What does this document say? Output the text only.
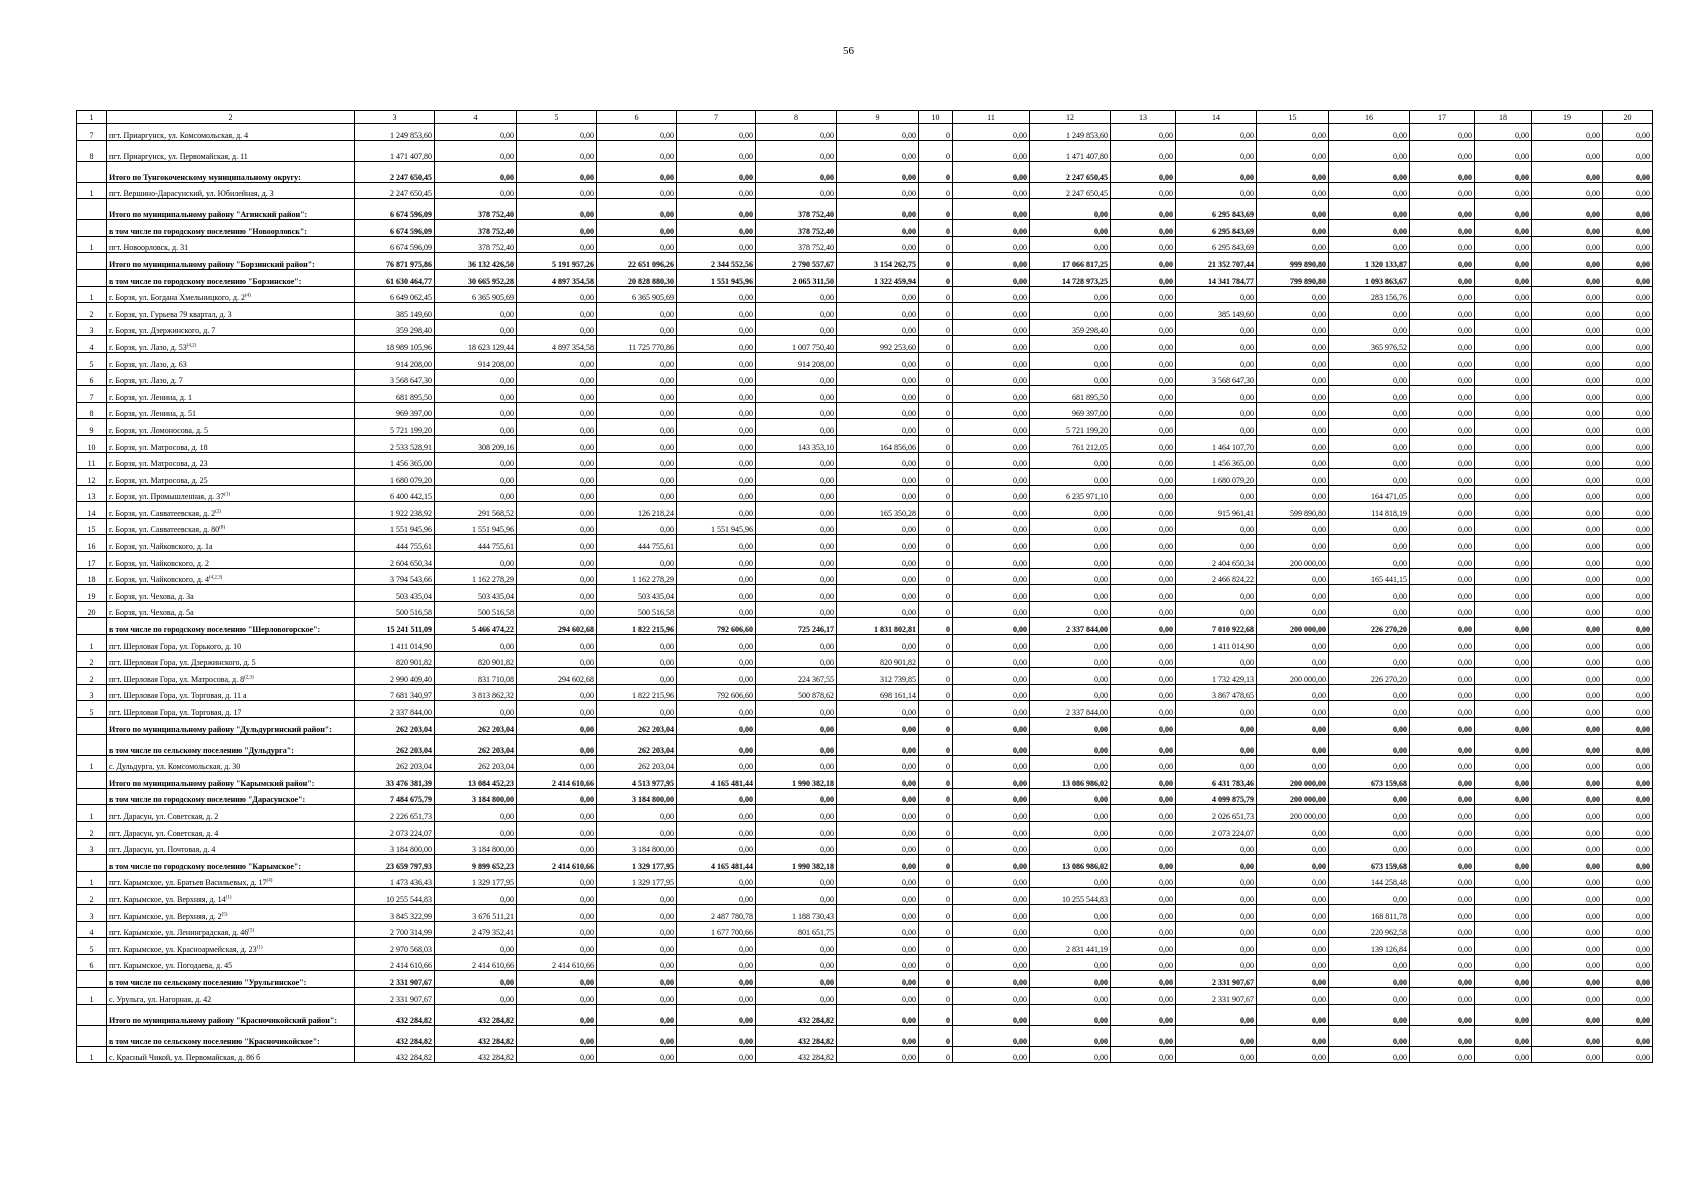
56
1	2	3	4	5	6	7	8	9	10	11	12	13	14	15	16	17	18	19	20
7	пгт. Приаргунск, ул. Комсомольская, д. 4	1 249 853,60	0,00	0,00	0,00	0,00	0,00	0,00	0	0,00	1 249 853,60	0,00	0,00	0,00	0,00	0,00	0,00	0,00	0,00
8	пгт. Приаргунск, ул. Первомайская, д. 11	1 471 407,80	0,00	0,00	0,00	0,00	0,00	0,00	0	0,00	1 471 407,80	0,00	0,00	0,00	0,00	0,00	0,00	0,00	0,00
	Итого по Тунгокоченскому муниципальному округу:	2 247 650,45	0,00	0,00	0,00	0,00	0,00	0,00	0	0,00	2 247 650,45	0,00	0,00	0,00	0,00	0,00	0,00	0,00	0,00
1	пгт. Вершино-Дарасунский, ул. Юбилейная, д. 3	2 247 650,45	0,00	0,00	0,00	0,00	0,00	0,00	0	0,00	2 247 650,45	0,00	0,00	0,00	0,00	0,00	0,00	0,00	0,00
	Итого по муниципальному району "Агинский район":	6 674 596,09	378 752,40	0,00	0,00	0,00	378 752,40	0,00	0	0,00	0,00	0,00	6 295 843,69	0,00	0,00	0,00	0,00	0,00	0,00
	в том числе по городскому поселению "Новоорловск":	6 674 596,09	378 752,40	0,00	0,00	0,00	378 752,40	0,00	0	0,00	0,00	0,00	6 295 843,69	0,00	0,00	0,00	0,00	0,00	0,00
1	пгт. Новоорловск, д. 31	6 674 596,09	378 752,40	0,00	0,00	0,00	378 752,40	0,00	0	0,00	0,00	0,00	6 295 843,69	0,00	0,00	0,00	0,00	0,00	0,00
	Итого по муниципальному району "Борзинский район":	76 871 975,86	36 132 426,50	5 191 957,26	22 651 096,26	2 344 552,56	2 790 557,67	3 154 262,75	0	0,00	17 066 817,25	0,00	21 352 707,44	999 890,80	1 320 133,87	0,00	0,00	0,00	0,00
	в том числе по городскому поселению "Борзинское":	61 630 464,77	30 665 952,28	4 897 354,58	20 828 880,30	1 551 945,96	2 065 311,50	1 322 459,94	0	0,00	14 728 973,25	0,00	14 341 784,77	799 890,80	1 093 863,67	0,00	0,00	0,00	0,00
1	г. Борзя, ул. Богдана Хмельницкого, д. 2$^{(4)}$	6 649 062,45	6 365 905,69	0,00	6 365 905,69	0,00	0,00	0,00	0	0,00	0,00	0,00	0,00	0,00	283 156,76	0,00	0,00	0,00	0,00
2	г. Борзя, ул. Гурьева 79 квартал, д. 3	385 149,60	0,00	0,00	0,00	0,00	0,00	0,00	0	0,00	0,00	0,00	385 149,60	0,00	0,00	0,00	0,00	0,00	0,00
3	г. Борзя, ул. Дзержинского, д. 7	359 298,40	0,00	0,00	0,00	0,00	0,00	0,00	0	0,00	359 298,40	0,00	0,00	0,00	0,00	0,00	0,00	0,00	0,00
4	г. Борзя, ул. Лазо, д. 53$^{(4,2)}$	18 989 105,96	18 623 129,44	4 897 354,58	11 725 770,86	0,00	1 007 750,40	992 253,60	0	0,00	0,00	0,00	0,00	0,00	365 976,52	0,00	0,00	0,00	0,00
5	г. Борзя, ул. Лазо, д. 63	914 208,00	914 208,00	0,00	0,00	0,00	914 208,00	0,00	0	0,00	0,00	0,00	0,00	0,00	0,00	0,00	0,00	0,00	0,00
6	г. Борзя, ул. Лазо, д. 7	3 568 647,30	0,00	0,00	0,00	0,00	0,00	0,00	0	0,00	0,00	0,00	3 568 647,30	0,00	0,00	0,00	0,00	0,00	0,00
7	г. Борзя, ул. Ленина, д. 1	681 895,50	0,00	0,00	0,00	0,00	0,00	0,00	0	0,00	681 895,50	0,00	0,00	0,00	0,00	0,00	0,00	0,00	0,00
8	г. Борзя, ул. Ленина, д. 51	969 397,00	0,00	0,00	0,00	0,00	0,00	0,00	0	0,00	969 397,00	0,00	0,00	0,00	0,00	0,00	0,00	0,00	0,00
9	г. Борзя, ул. Ломоносова, д. 5	5 721 199,20	0,00	0,00	0,00	0,00	0,00	0,00	0	0,00	5 721 199,20	0,00	0,00	0,00	0,00	0,00	0,00	0,00	0,00
10	г. Борзя, ул. Матросова, д. 18	2 533 528,91	308 209,16	0,00	0,00	0,00	143 353,10	164 856,06	0	0,00	761 212,05	0,00	1 464 107,70	0,00	0,00	0,00	0,00	0,00	0,00
11	г. Борзя, ул. Матросова, д. 23	1 456 365,00	0,00	0,00	0,00	0,00	0,00	0,00	0	0,00	0,00	0,00	1 456 365,00	0,00	0,00	0,00	0,00	0,00	0,00
12	г. Борзя, ул. Матросова, д. 25	1 680 079,20	0,00	0,00	0,00	0,00	0,00	0,00	0	0,00	0,00	0,00	1 680 079,20	0,00	0,00	0,00	0,00	0,00	0,00
13	г. Борзя, ул. Промышленная, д. 37$^{(1)}$	6 400 442,15	0,00	0,00	0,00	0,00	0,00	0,00	0	0,00	6 235 971,10	0,00	0,00	0,00	164 471,05	0,00	0,00	0,00	0,00
14	г. Борзя, ул. Савватеевская, д. 2$^{(2)}$	1 922 238,92	291 568,52	0,00	126 218,24	0,00	0,00	165 350,28	0	0,00	0,00	0,00	915 961,41	599 890,80	114 818,19	0,00	0,00	0,00	0,00
15	г. Борзя, ул. Савватеевская, д. 80$^{(8)}$	1 551 945,96	1 551 945,96	0,00	0,00	1 551 945,96	0,00	0,00	0	0,00	0,00	0,00	0,00	0,00	0,00	0,00	0,00	0,00	0,00
16	г. Борзя, ул. Чайковского, д. 1а	444 755,61	444 755,61	0,00	444 755,61	0,00	0,00	0,00	0	0,00	0,00	0,00	0,00	0,00	0,00	0,00	0,00	0,00	0,00
17	г. Борзя, ул. Чайковского, д. 2	2 604 650,34	0,00	0,00	0,00	0,00	0,00	0,00	0	0,00	0,00	0,00	2 404 650,34	200 000,00	0,00	0,00	0,00	0,00	0,00
18	г. Борзя, ул. Чайковского, д. 4$^{(4,2,3)}$	3 794 543,66	1 162 278,29	0,00	1 162 278,29	0,00	0,00	0,00	0	0,00	0,00	0,00	2 466 824,22	0,00	165 441,15	0,00	0,00	0,00	0,00
19	г. Борзя, ул. Чехова, д. 3а	503 435,04	503 435,04	0,00	503 435,04	0,00	0,00	0,00	0	0,00	0,00	0,00	0,00	0,00	0,00	0,00	0,00	0,00	0,00
20	г. Борзя, ул. Чехова, д. 5а	500 516,58	500 516,58	0,00	500 516,58	0,00	0,00	0,00	0	0,00	0,00	0,00	0,00	0,00	0,00	0,00	0,00	0,00	0,00
	в том числе по городскому поселению "Шерловогорское":	15 241 511,09	5 466 474,22	294 602,68	1 822 215,96	792 606,60	725 246,17	1 831 802,81	0	0,00	2 337 844,00	0,00	7 010 922,68	200 000,00	226 270,20	0,00	0,00	0,00	0,00
1	пгт. Шерловая Гора, ул. Горького, д. 10	1 411 014,90	0,00	0,00	0,00	0,00	0,00	0,00	0	0,00	0,00	0,00	1 411 014,90	0,00	0,00	0,00	0,00	0,00	0,00
2	пгт. Шерловая Гора, ул. Дзержинского, д. 5	820 901,82	820 901,82	0,00	0,00	0,00	0,00	820 901,82	0	0,00	0,00	0,00	0,00	0,00	0,00	0,00	0,00	0,00	0,00
2	пгт. Шерловая Гора, ул. Матросова, д. 8$^{(2,3)}$	2 990 409,40	831 710,08	294 602,68	0,00	0,00	224 367,55	312 739,85	0	0,00	0,00	0,00	1 732 429,13	200 000,00	226 270,20	0,00	0,00	0,00	0,00
3	пгт. Шерловая Гора, ул. Торговая, д. 11 а	7 681 340,97	3 813 862,32	0,00	1 822 215,96	792 606,60	500 878,62	698 161,14	0	0,00	0,00	0,00	3 867 478,65	0,00	0,00	0,00	0,00	0,00	0,00
5	пгт. Шерловая Гора, ул. Торговая, д. 17	2 337 844,00	0,00	0,00	0,00	0,00	0,00	0,00	0	0,00	2 337 844,00	0,00	0,00	0,00	0,00	0,00	0,00	0,00	0,00
	Итого по муниципальному району "Дульдургинский район":	262 203,04	262 203,04	0,00	262 203,04	0,00	0,00	0,00	0	0,00	0,00	0,00	0,00	0,00	0,00	0,00	0,00	0,00	0,00
	в том числе по сельскому поселению "Дульдурга":	262 203,04	262 203,04	0,00	262 203,04	0,00	0,00	0,00	0	0,00	0,00	0,00	0,00	0,00	0,00	0,00	0,00	0,00	0,00
1	с. Дульдурга, ул. Комсомольская, д. 30	262 203,04	262 203,04	0,00	262 203,04	0,00	0,00	0,00	0	0,00	0,00	0,00	0,00	0,00	0,00	0,00	0,00	0,00	0,00
	Итого по муниципальному району "Карымский район":	33 476 381,39	13 084 452,23	2 414 610,66	4 513 977,95	4 165 481,44	1 990 382,18	0,00	0	0,00	13 086 986,02	0,00	6 431 783,46	200 000,00	673 159,68	0,00	0,00	0,00	0,00
	в том числе по городскому поселению "Дарасунское":	7 484 675,79	3 184 800,00	0,00	3 184 800,00	0,00	0,00	0,00	0	0,00	0,00	0,00	4 099 875,79	200 000,00	0,00	0,00	0,00	0,00	0,00
1	пгт. Дарасун, ул. Советская, д. 2	2 226 651,73	0,00	0,00	0,00	0,00	0,00	0,00	0	0,00	0,00	0,00	2 026 651,73	200 000,00	0,00	0,00	0,00	0,00	0,00
2	пгт. Дарасун, ул. Советская, д. 4	2 073 224,07	0,00	0,00	0,00	0,00	0,00	0,00	0	0,00	0,00	0,00	2 073 224,07	0,00	0,00	0,00	0,00	0,00	0,00
3	пгт. Дарасун, ул. Почтовая, д. 4	3 184 800,00	3 184 800,00	0,00	3 184 800,00	0,00	0,00	0,00	0	0,00	0,00	0,00	0,00	0,00	0,00	0,00	0,00	0,00	0,00
	в том числе по городскому поселению "Карымское":	23 659 797,93	9 899 652,23	2 414 610,66	1 329 177,95	4 165 481,44	1 990 382,18	0,00	0	0,00	13 086 986,02	0,00	0,00	0,00	673 159,68	0,00	0,00	0,00	0,00
1	пгт. Карымское, ул. Братьев Васильевых, д. 17$^{(4)}$	1 473 436,43	1 329 177,95	0,00	1 329 177,95	0,00	0,00	0,00	0	0,00	0,00	0,00	0,00	0,00	144 258,48	0,00	0,00	0,00	0,00
2	пгт. Карымское, ул. Верхняя, д. 14$^{(1)}$	10 255 544,83	0,00	0,00	0,00	0,00	0,00	0,00	0	0,00	10 255 544,83	0,00	0,00	0,00	0,00	0,00	0,00	0,00	0,00
3	пгт. Карымское, ул. Верхняя, д. 2$^{(5)}$	3 845 322,99	3 676 511,21	0,00	0,00	2 487 780,78	1 188 730,43	0,00	0	0,00	0,00	0,00	0,00	0,00	168 811,78	0,00	0,00	0,00	0,00
4	пгт. Карымское, ул. Ленинградская, д. 46$^{(5)}$	2 700 314,99	2 479 352,41	0,00	0,00	1 677 700,66	801 651,75	0,00	0	0,00	0,00	0,00	0,00	0,00	220 962,58	0,00	0,00	0,00	0,00
5	пгт. Карымское, ул. Красноармейская, д. 23$^{(1)}$	2 970 568,03	0,00	0,00	0,00	0,00	0,00	0,00	0	0,00	2 831 441,19	0,00	0,00	0,00	139 126,84	0,00	0,00	0,00	0,00
6	пгт. Карымское, ул. Погодаева, д. 45	2 414 610,66	2 414 610,66	2 414 610,66	0,00	0,00	0,00	0,00	0	0,00	0,00	0,00	0,00	0,00	0,00	0,00	0,00	0,00	0,00
	в том числе по сельскому поселению "Урульгинское":	2 331 907,67	0,00	0,00	0,00	0,00	0,00	0,00	0	0,00	0,00	0,00	2 331 907,67	0,00	0,00	0,00	0,00	0,00	0,00
1	с. Урульга, ул. Нагорная, д. 42	2 331 907,67	0,00	0,00	0,00	0,00	0,00	0,00	0	0,00	0,00	0,00	2 331 907,67	0,00	0,00	0,00	0,00	0,00	0,00
	Итого по муниципальному району "Красночикойский район":	432 284,82	432 284,82	0,00	0,00	0,00	432 284,82	0,00	0	0,00	0,00	0,00	0,00	0,00	0,00	0,00	0,00	0,00	0,00
	в том числе по сельскому поселению "Красночикойское":	432 284,82	432 284,82	0,00	0,00	0,00	432 284,82	0,00	0	0,00	0,00	0,00	0,00	0,00	0,00	0,00	0,00	0,00	0,00
1	с. Красный Чикой, ул. Первомайская, д. 86 б	432 284,82	432 284,82	0,00	0,00	0,00	432 284,82	0,00	0	0,00	0,00	0,00	0,00	0,00	0,00	0,00	0,00	0,00	0,00
